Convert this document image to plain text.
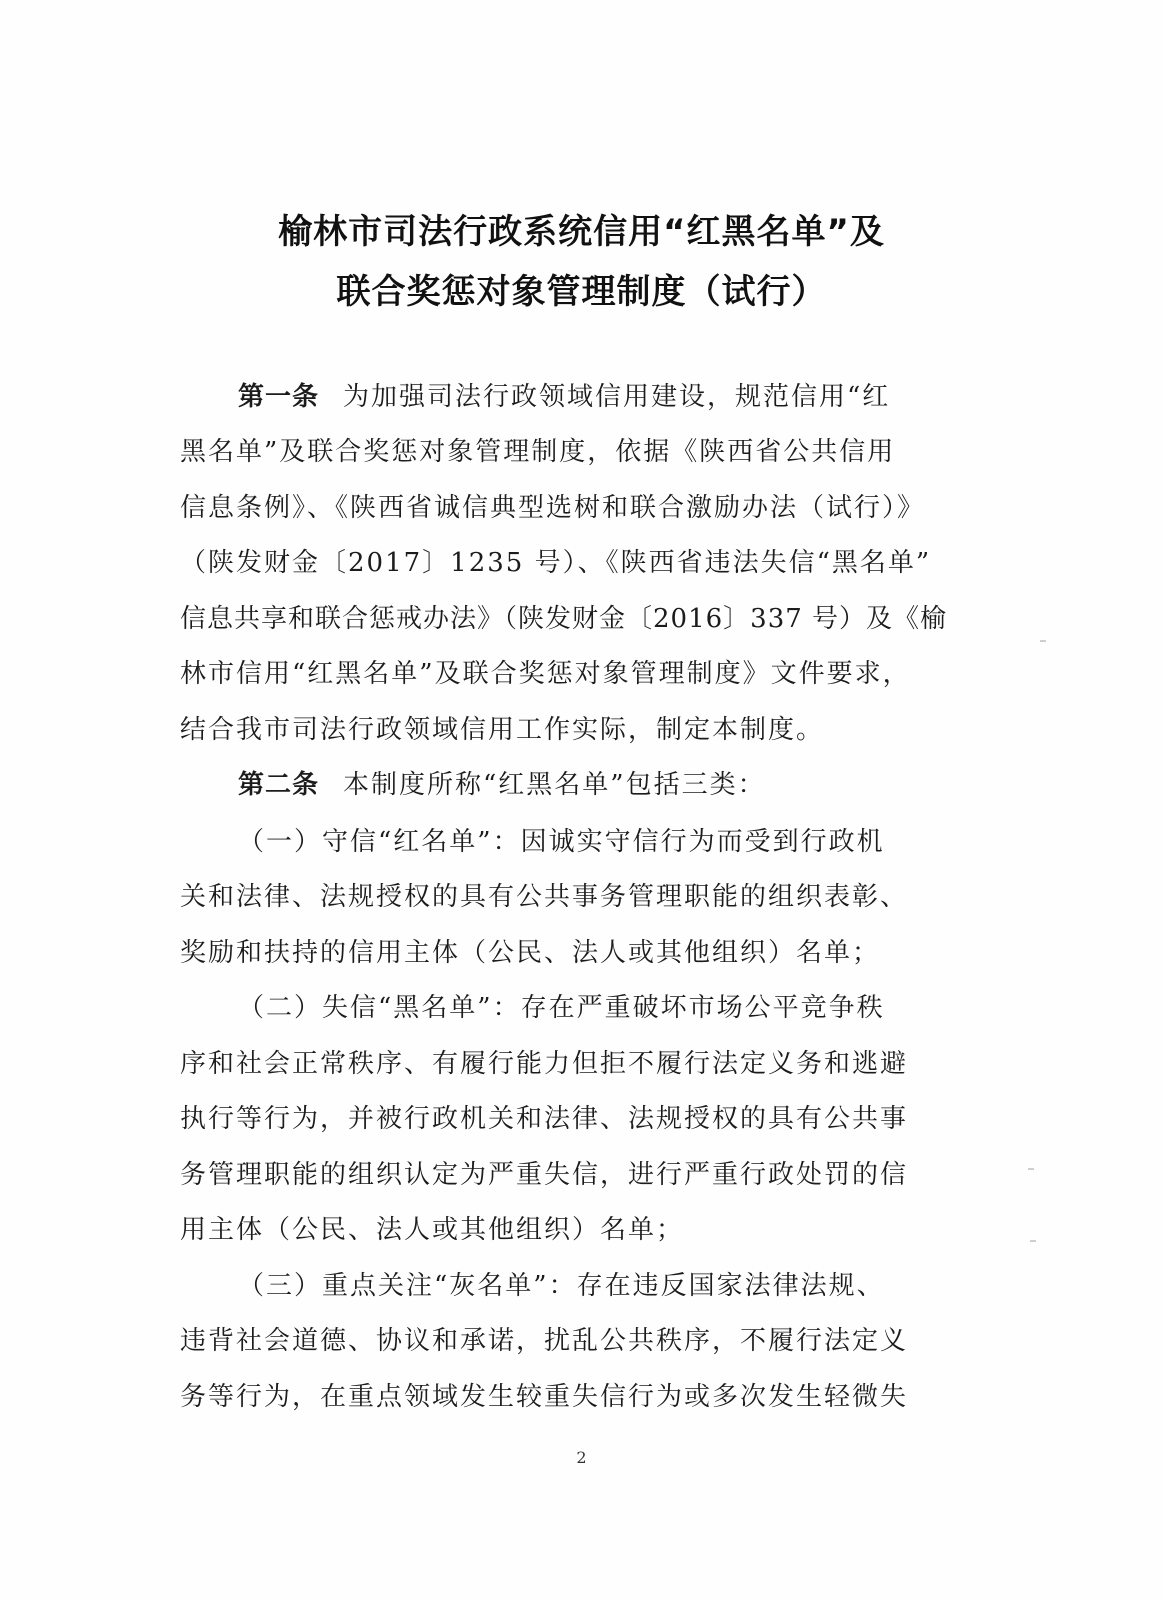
榆林市司法行政系统信用“红黑名单”及
联合奖惩对象管理制度（试行）
第一条 为加强司法行政领域信用建设，规范信用“红
黑名单”及联合奖惩对象管理制度，依据《陕西省公共信用
信息条例》、《陕西省诚信典型选树和联合激励办法（试行）》
（陕发财金〔2017〕1235 号）、《陕西省违法失信“黑名单”
信息共享和联合惩戒办法》（陕发财金〔2016〕337 号）及《榆
林市信用“红黑名单”及联合奖惩对象管理制度》文件要求，
结合我市司法行政领域信用工作实际，制定本制度。
第二条 本制度所称“红黑名单”包括三类：
（一）守信“红名单”：因诚实守信行为而受到行政机
关和法律、法规授权的具有公共事务管理职能的组织表彰、
奖励和扶持的信用主体（公民、法人或其他组织）名单；
（二）失信“黑名单”：存在严重破坏市场公平竞争秩
序和社会正常秩序、有履行能力但拒不履行法定义务和逃避
执行等行为，并被行政机关和法律、法规授权的具有公共事
务管理职能的组织认定为严重失信，进行严重行政处罚的信
用主体（公民、法人或其他组织）名单；
（三）重点关注“灰名单”：存在违反国家法律法规、
违背社会道德、协议和承诺，扰乱公共秩序，不履行法定义
务等行为，在重点领域发生较重失信行为或多次发生轻微失
2
